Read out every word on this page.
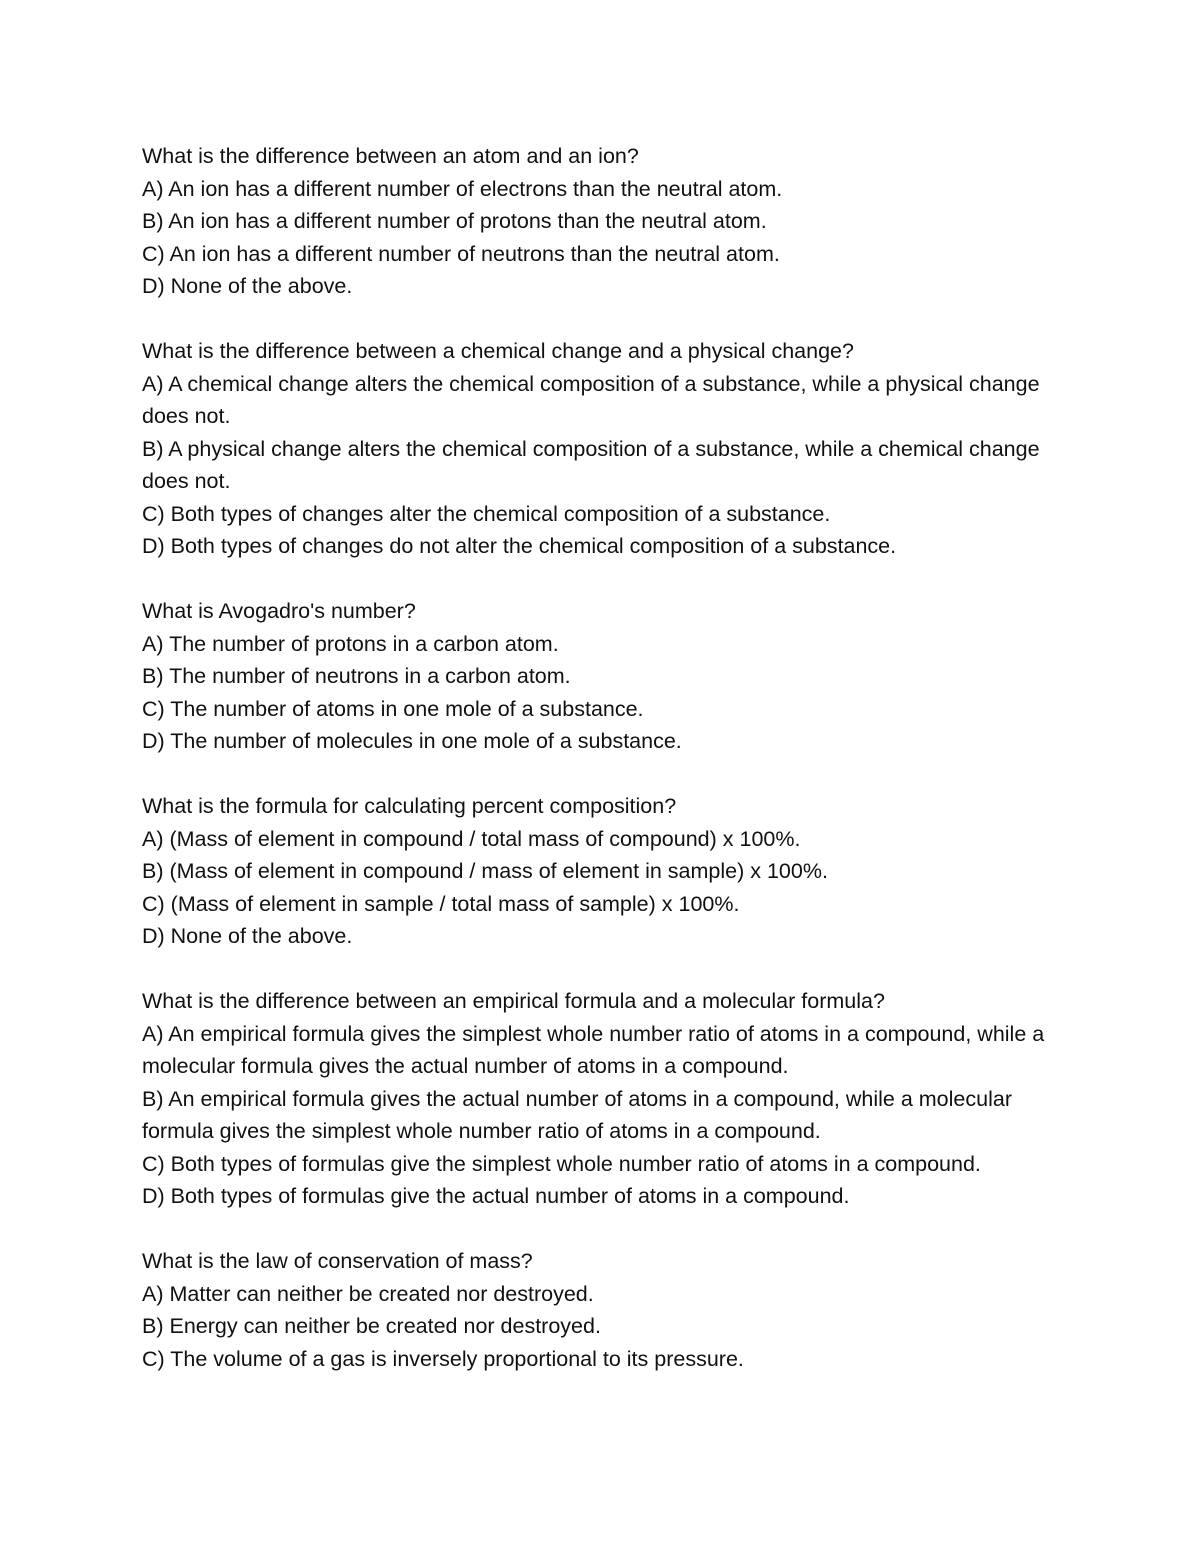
What is the difference between an atom and an ion?
A) An ion has a different number of electrons than the neutral atom.
B) An ion has a different number of protons than the neutral atom.
C) An ion has a different number of neutrons than the neutral atom.
D) None of the above.
What is the difference between a chemical change and a physical change?
A) A chemical change alters the chemical composition of a substance, while a physical change does not.
B) A physical change alters the chemical composition of a substance, while a chemical change does not.
C) Both types of changes alter the chemical composition of a substance.
D) Both types of changes do not alter the chemical composition of a substance.
What is Avogadro's number?
A) The number of protons in a carbon atom.
B) The number of neutrons in a carbon atom.
C) The number of atoms in one mole of a substance.
D) The number of molecules in one mole of a substance.
What is the formula for calculating percent composition?
A) (Mass of element in compound / total mass of compound) x 100%.
B) (Mass of element in compound / mass of element in sample) x 100%.
C) (Mass of element in sample / total mass of sample) x 100%.
D) None of the above.
What is the difference between an empirical formula and a molecular formula?
A) An empirical formula gives the simplest whole number ratio of atoms in a compound, while a molecular formula gives the actual number of atoms in a compound.
B) An empirical formula gives the actual number of atoms in a compound, while a molecular formula gives the simplest whole number ratio of atoms in a compound.
C) Both types of formulas give the simplest whole number ratio of atoms in a compound.
D) Both types of formulas give the actual number of atoms in a compound.
What is the law of conservation of mass?
A) Matter can neither be created nor destroyed.
B) Energy can neither be created nor destroyed.
C) The volume of a gas is inversely proportional to its pressure.
